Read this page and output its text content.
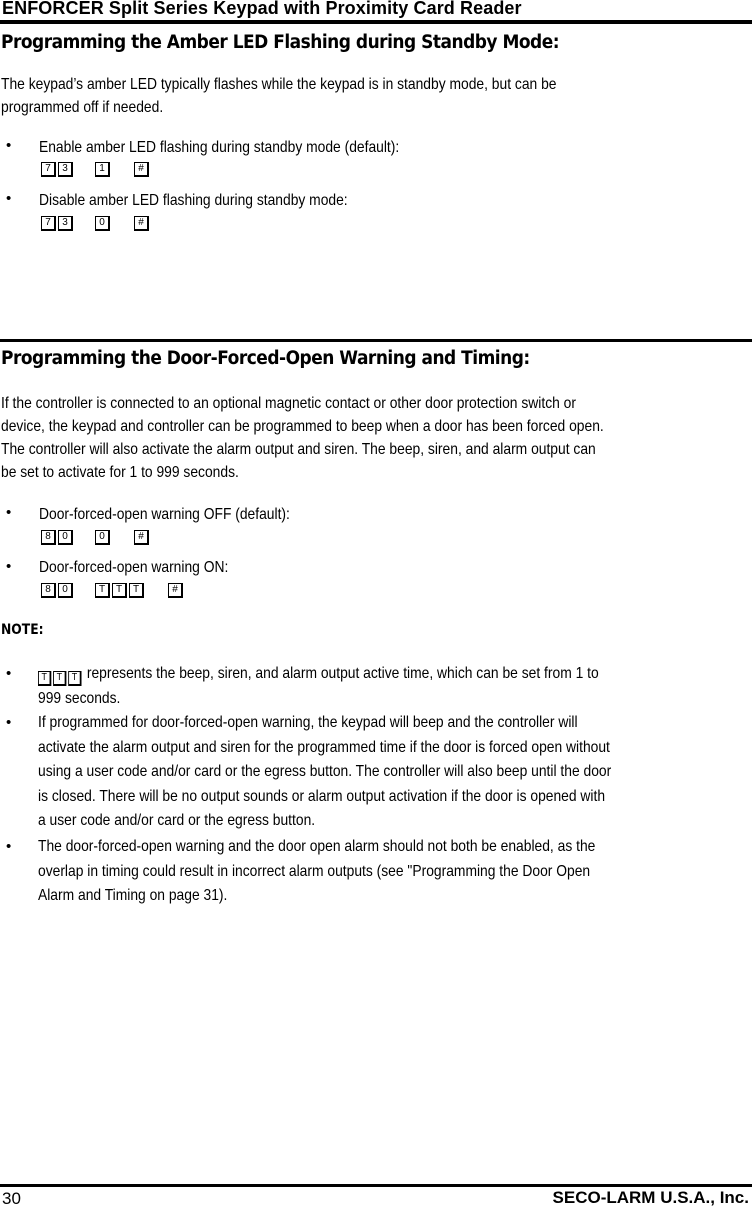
ENFORCER Split Series Keypad with Proximity Card Reader
Programming the Amber LED Flashing during Standby Mode:
The keypad’s amber LED typically flashes while the keypad is in standby mode, but can be
programmed off if needed.
• Enable amber LED flashing during standby mode (default):
7	3	1	#
• Disable amber LED flashing during standby mode:
7	3	0	#
Programming the Door-Forced-Open Warning and Timing:
If the controller is connected to an optional magnetic contact or other door protection switch or
device, the keypad and controller can be programmed to beep when a door has been forced open.
The controller will also activate the alarm output and siren. The beep, siren, and alarm output can
be set to activate for 1 to 999 seconds.
• Door-forced-open warning OFF (default):
8	0	0	#
• Door-forced-open warning ON:
8	0	T	T	T	#
NOTE:
•	T T T represents the beep, siren, and alarm output active time, which can be set from 1 to
999 seconds.
• If programmed for door-forced-open warning, the keypad will beep and the controller will
activate the alarm output and siren for the programmed time if the door is forced open without
using a user code and/or card or the egress button. The controller will also beep until the door
is closed. There will be no output sounds or alarm output activation if the door is opened with
a user code and/or card or the egress button.
• The door-forced-open warning and the door open alarm should not both be enabled, as the
overlap in timing could result in incorrect alarm outputs (see "Programming the Door Open
Alarm and Timing on page 31).
30	SECO-LARM U.S.A., Inc.
